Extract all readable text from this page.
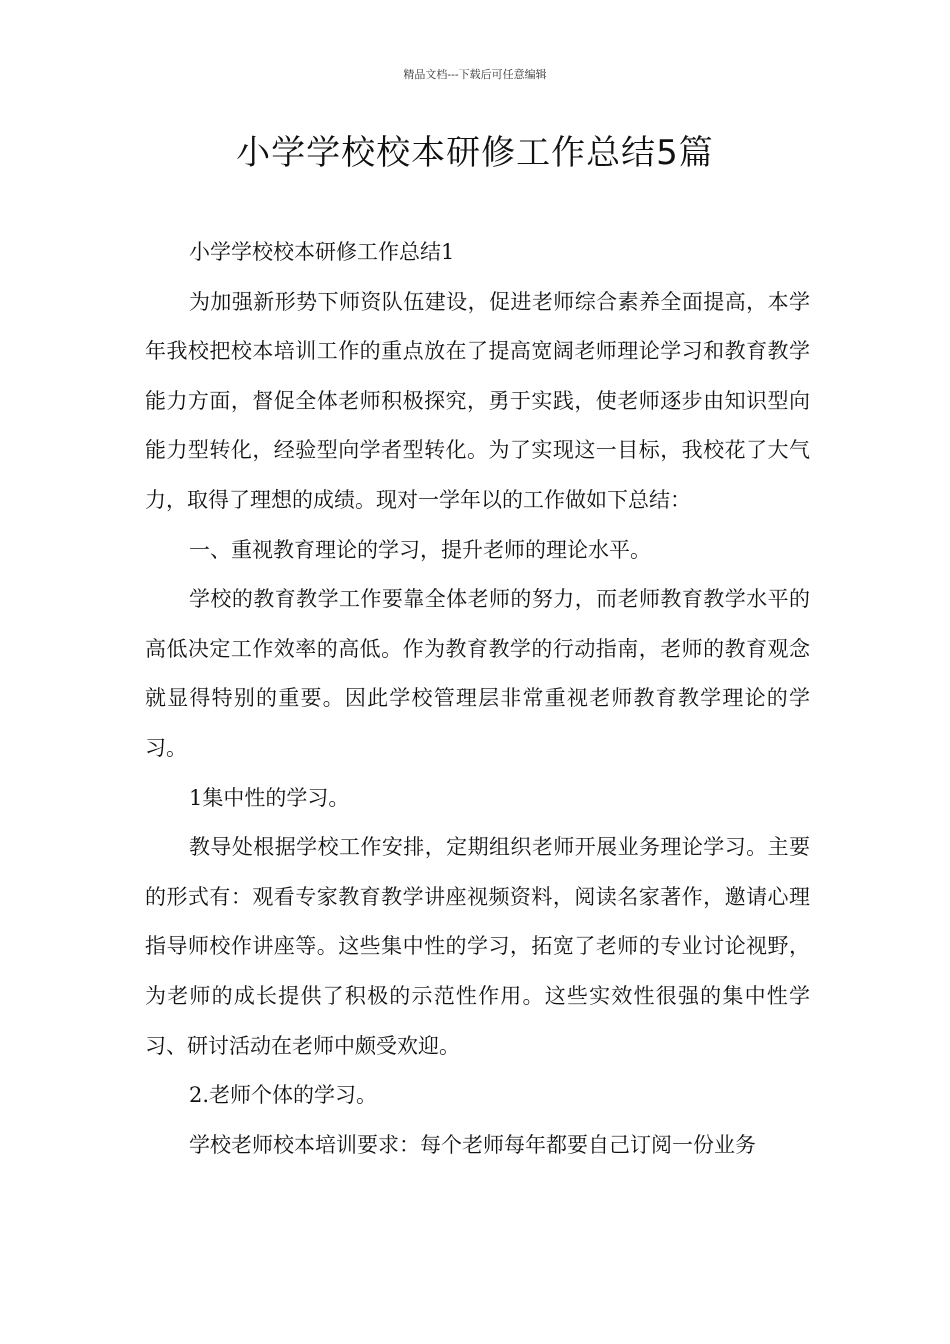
精品文档---下载后可任意编辑
小学学校校本研修工作总结5篇

小学学校校本研修工作总结1

为加强新形势下师资队伍建设，促进老师综合素养全面提高，本学年我校把校本培训工作的重点放在了提高宽阔老师理论学习和教育教学能力方面，督促全体老师积极探究，勇于实践，使老师逐步由知识型向能力型转化，经验型向学者型转化。为了实现这一目标，我校花了大气力，取得了理想的成绩。现对一学年以的工作做如下总结：

一、重视教育理论的学习，提升老师的理论水平。

学校的教育教学工作要靠全体老师的努力，而老师教育教学水平的高低决定工作效率的高低。作为教育教学的行动指南，老师的教育观念就显得特别的重要。因此学校管理层非常重视老师教育教学理论的学习。

1集中性的学习。

教导处根据学校工作安排，定期组织老师开展业务理论学习。主要的形式有：观看专家教育教学讲座视频资料，阅读名家著作，邀请心理指导师校作讲座等。这些集中性的学习，拓宽了老师的专业讨论视野，为老师的成长提供了积极的示范性作用。这些实效性很强的集中性学习、研讨活动在老师中颇受欢迎。

2.老师个体的学习。

学校老师校本培训要求：每个老师每年都要自己订阅一份业务
